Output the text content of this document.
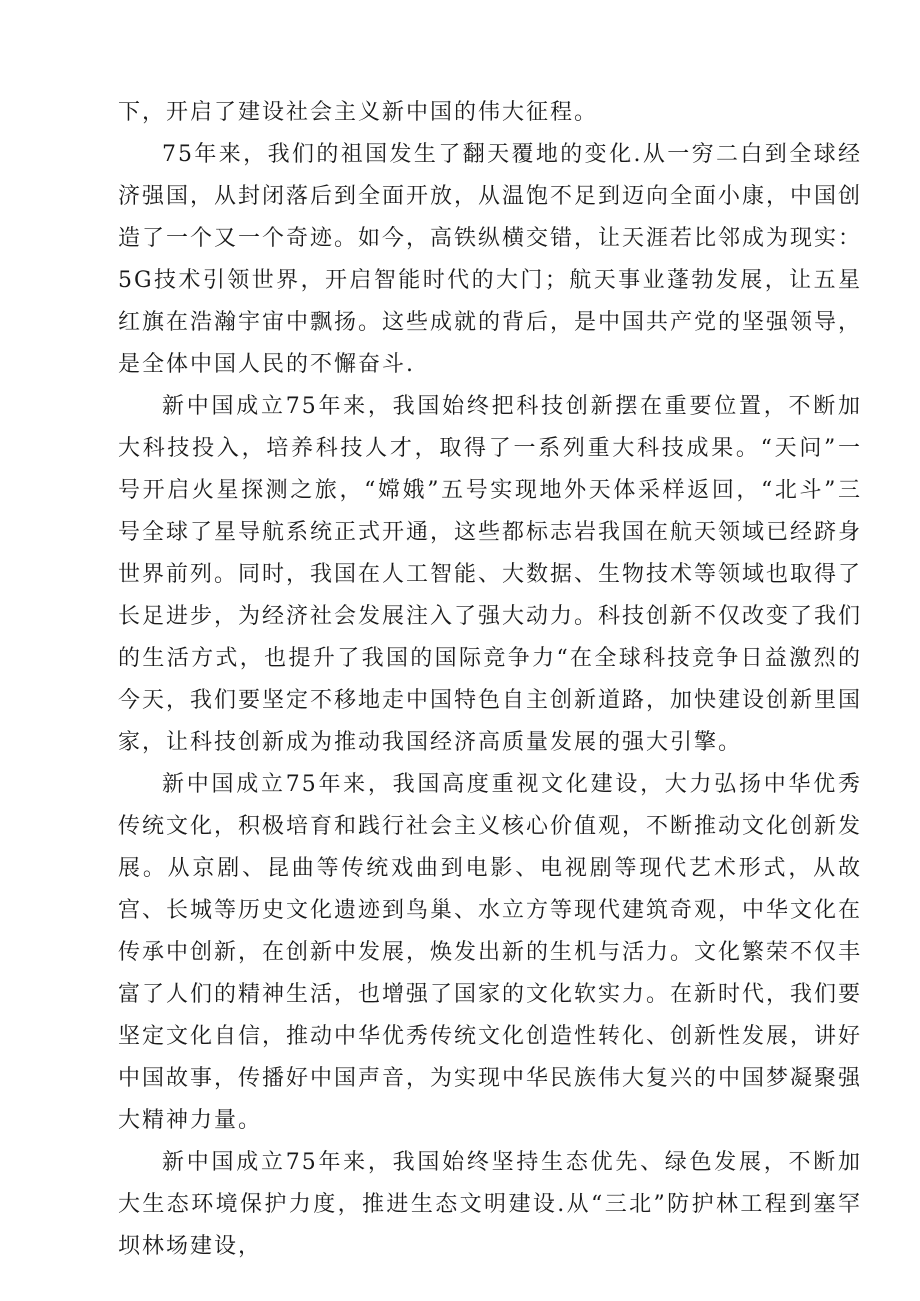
下，开启了建设社会主义新中国的伟大征程。

75年来，我们的祖国发生了翻天覆地的变化.从一穷二白到全球经济强国，从封闭落后到全面开放，从温饱不足到迈向全面小康，中国创造了一个又一个奇迹。如今，高铁纵横交错，让天涯若比邻成为现实：5G技术引领世界，开启智能时代的大门；航天事业蓬勃发展，让五星红旗在浩瀚宇宙中飘扬。这些成就的背后，是中国共产党的坚强领导，是全体中国人民的不懈奋斗.

新中国成立75年来，我国始终把科技创新摆在重要位置，不断加大科技投入，培养科技人才，取得了一系列重大科技成果。“天问”一号开启火星探测之旅，“嫦娥”五号实现地外天体采样返回，“北斗”三号全球了星导航系统正式开通，这些都标志岩我国在航天领域已经跻身世界前列。同时，我国在人工智能、大数据、生物技术等领域也取得了长足进步，为经济社会发展注入了强大动力。科技创新不仅改变了我们的生活方式，也提升了我国的国际竞争力“在全球科技竞争日益激烈的今天，我们要坚定不移地走中国特色自主创新道路，加快建设创新里国家，让科技创新成为推动我国经济高质量发展的强大引擎。

新中国成立75年来，我国高度重视文化建设，大力弘扬中华优秀传统文化，积极培育和践行社会主义核心价值观，不断推动文化创新发展。从京剧、昆曲等传统戏曲到电影、电视剧等现代艺术形式，从故宫、长城等历史文化遗迹到鸟巢、水立方等现代建筑奇观，中华文化在传承中创新，在创新中发展，焕发出新的生机与活力。文化繁荣不仅丰富了人们的精神生活，也增强了国家的文化软实力。在新时代，我们要坚定文化自信，推动中华优秀传统文化创造性转化、创新性发展，讲好中国故事，传播好中国声音，为实现中华民族伟大复兴的中国梦凝聚强大精神力量。

新中国成立75年来，我国始终坚持生态优先、绿色发展，不断加大生态环境保护力度，推进生态文明建设.从“三北”防护林工程到塞罕坝林场建设，
